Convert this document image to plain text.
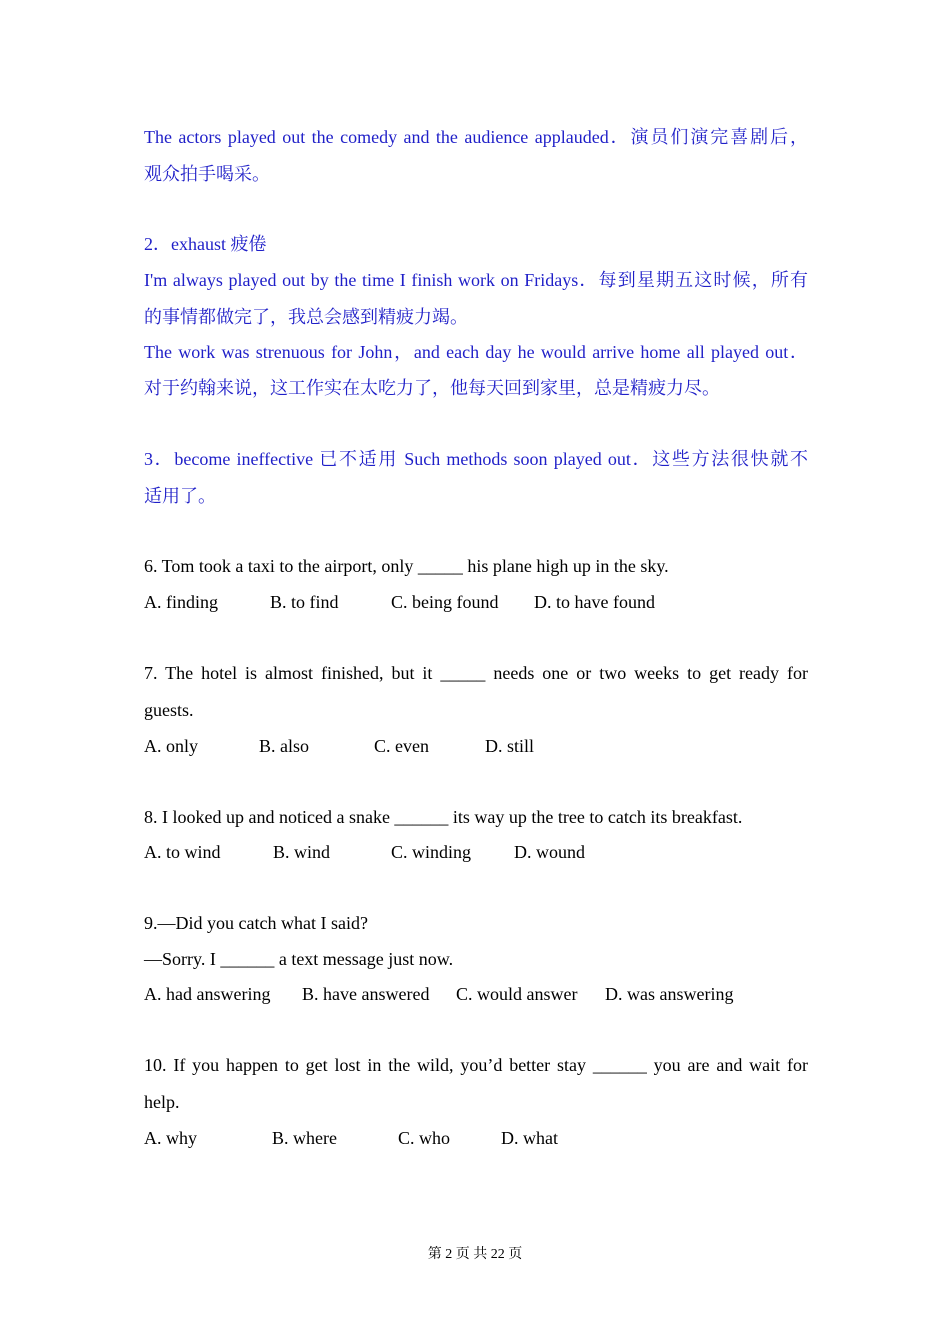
The actors played out the comedy and the audience applauded．演员们演完喜剧后，
观众拍手喝采。
2．exhaust 疲倦
I'm always played out by the time I finish work on Fridays．每到星期五这时候，所有
的事情都做完了，我总会感到精疲力竭。
The work was strenuous for John，and each day he would arrive home all played out．
对于约翰来说，这工作实在太吃力了，他每天回到家里，总是精疲力尽。
3．become ineffective 已不适用 Such methods soon played out．这些方法很快就不
适用了。
6. Tom took a taxi to the airport, only _____ his plane high up in the sky.
A. finding	B. to find	C. being found D. to have found
7. The hotel is almost finished, but it _____ needs one or two weeks to get ready for
guests.
A. only	B. also	C. even	D. still
8. I looked up and noticed a snake ______ its way up the tree to catch its breakfast.
A. to wind	B. wind	C. winding D. wound
9.—Did you catch what I said?
—Sorry. I ______ a text message just now.
A. had answering B. have answered C. would answer D. was answering
10. If you happen to get lost in the wild, you’d better stay ______ you are and wait for
help.
A. why	B. where	C. who	D. what
第 2 页 共 22 页
